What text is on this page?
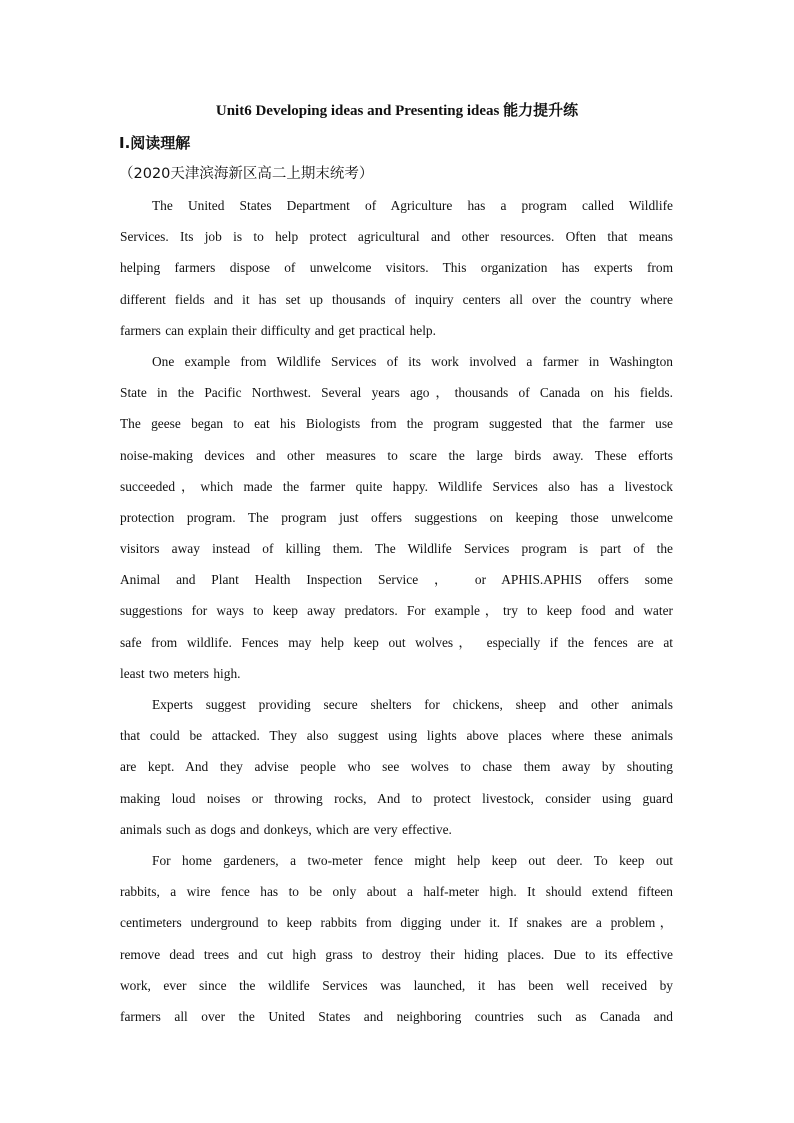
Unit6 Developing ideas and Presenting ideas 能力提升练
Ⅰ.阅读理解
（2020天津滨海新区高二上期末统考）
The United States Department of Agriculture has a program called Wildlife
Services. Its job is to help protect agricultural and other resources. Often that means
helping farmers dispose of unwelcome visitors. This organization has experts from
different fields and it has set up thousands of inquiry centers all over the country where
farmers can explain their difficulty and get practical help.
One example from Wildlife Services of its work involved a farmer in Washington
State in the Pacific Northwest. Several years ago，thousands of Canada on his fields.
The geese began to eat his Biologists from the program suggested that the farmer use
noise-making devices and other measures to scare the large birds away. These efforts
succeeded，which made the farmer quite happy. Wildlife Services also has a livestock
protection program. The program just offers suggestions on keeping those unwelcome
visitors away instead of killing them. The Wildlife Services program is part of the
Animal and Plant Health Inspection Service ， or APHIS.APHIS offers some
suggestions for ways to keep away predators. For example，try to keep food and water
safe from wildlife. Fences may help keep out wolves， especially if the fences are at
least two meters high.
Experts suggest providing secure shelters for chickens, sheep and other animals
that could be attacked. They also suggest using lights above places where these animals
are kept. And they advise people who see wolves to chase them away by shouting
making loud noises or throwing rocks, And to protect livestock, consider using guard
animals such as dogs and donkeys, which are very effective.
For home gardeners, a two-meter fence might help keep out deer. To keep out
rabbits, a wire fence has to be only about a half-meter high. It should extend fifteen
centimeters underground to keep rabbits from digging under it. If snakes are a problem，
remove dead trees and cut high grass to destroy their hiding places. Due to its effective
work, ever since the wildlife Services was launched, it has been well received by
farmers all over the United States and neighboring countries such as Canada and
